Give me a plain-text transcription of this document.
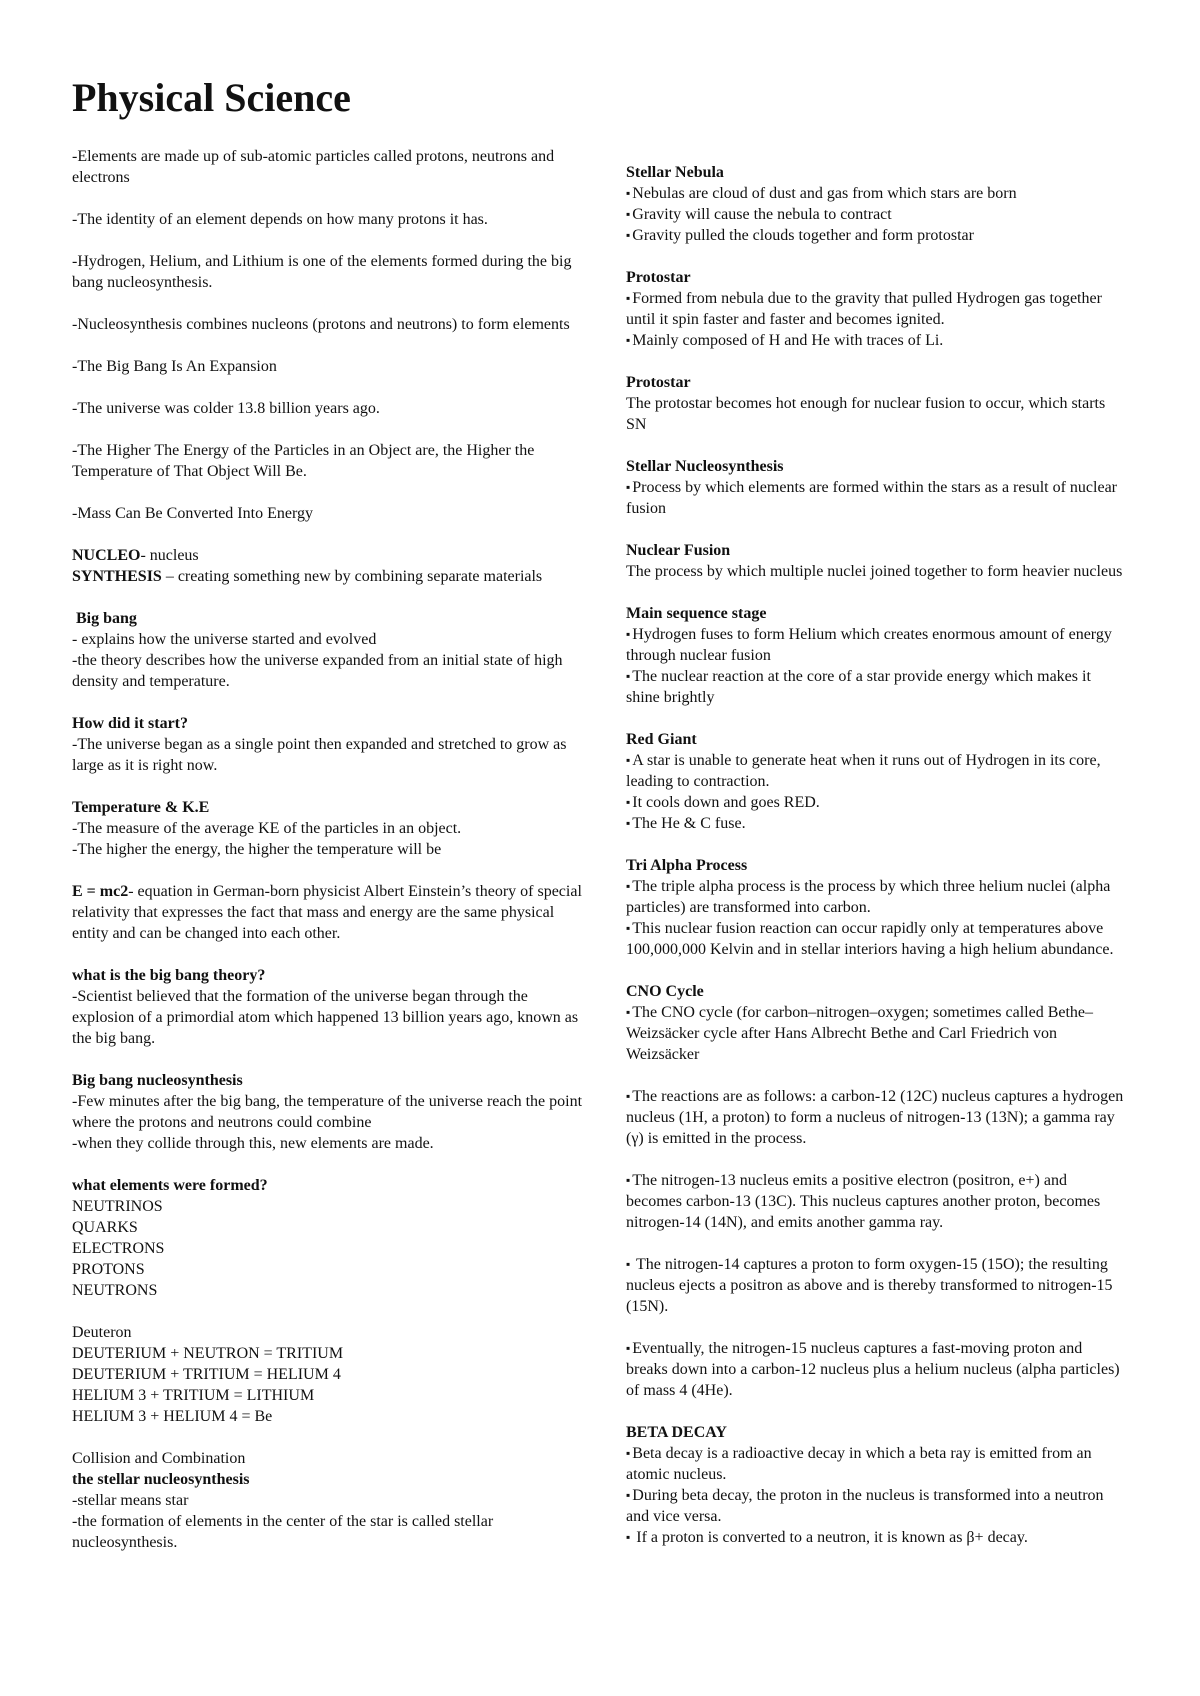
Physical Science

-Elements are made up of sub-atomic particles called protons, neutrons and electrons

-The identity of an element depends on how many protons it has.

-Hydrogen, Helium, and Lithium is one of the elements formed during the big bang nucleosynthesis.

-Nucleosynthesis combines nucleons (protons and neutrons) to form elements

-The Big Bang Is An Expansion

-The universe was colder 13.8 billion years ago.

-The Higher The Energy of the Particles in an Object are, the Higher the Temperature of That Object Will Be.

-Mass Can Be Converted Into Energy

NUCLEO- nucleus

SYNTHESIS – creating something new by combining separate materials

Big bang

- explains how the universe started and evolved

-the theory describes how the universe expanded from an initial state of high density and temperature.

How did it start?

-The universe began as a single point then expanded and stretched to grow as large as it is right now.

Temperature & K.E

-The measure of the average KE of the particles in an object.

-The higher the energy, the higher the temperature will be

E = mc2- equation in German-born physicist Albert Einstein’s theory of special relativity that expresses the fact that mass and energy are the same physical entity and can be changed into each other.

what is the big bang theory?

-Scientist believed that the formation of the universe began through the explosion of a primordial atom which happened 13 billion years ago, known as the big bang.

Big bang nucleosynthesis

-Few minutes after the big bang, the temperature of the universe reach the point where the protons and neutrons could combine

-when they collide through this, new elements are made.

what elements were formed?

NEUTRINOS

QUARKS

ELECTRONS

PROTONS

NEUTRONS

Deuteron

DEUTERIUM + NEUTRON = TRITIUM

DEUTERIUM + TRITIUM = HELIUM 4

HELIUM 3 + TRITIUM = LITHIUM

HELIUM 3 + HELIUM 4 = Be

Collision and Combination

the stellar nucleosynthesis

-stellar means star

-the formation of elements in the center of the star is called stellar nucleosynthesis.

Stellar Nebula

▪ Nebulas are cloud of dust and gas from which stars are born
▪ Gravity will cause the nebula to contract
▪ Gravity pulled the clouds together and form protostar

Protostar

▪ Formed from nebula due to the gravity that pulled Hydrogen gas together until it spin faster and faster and becomes ignited.
▪ Mainly composed of H and He with traces of Li.

Protostar

The protostar becomes hot enough for nuclear fusion to occur, which starts SN

Stellar Nucleosynthesis

▪ Process by which elements are formed within the stars as a result of nuclear fusion

Nuclear Fusion

The process by which multiple nuclei joined together to form heavier nucleus

Main sequence stage

▪ Hydrogen fuses to form Helium which creates enormous amount of energy through nuclear fusion
▪ The nuclear reaction at the core of a star provide energy which makes it shine brightly

Red Giant

▪ A star is unable to generate heat when it runs out of Hydrogen in its core, leading to contraction.
▪ It cools down and goes RED.
▪ The He & C fuse.

Tri Alpha Process

▪ The triple alpha process is the process by which three helium nuclei (alpha particles) are transformed into carbon.
▪ This nuclear fusion reaction can occur rapidly only at temperatures above 100,000,000 Kelvin and in stellar interiors having a high helium abundance.

CNO Cycle

▪ The CNO cycle (for carbon–nitrogen–oxygen; sometimes called Bethe–Weizsäcker cycle after Hans Albrecht Bethe and Carl Friedrich von Weizsäcker
▪ The reactions are as follows: a carbon-12 (12C) nucleus captures a hydrogen nucleus (1H, a proton) to form a nucleus of nitrogen-13 (13N); a gamma ray (γ) is emitted in the process.
▪ The nitrogen-13 nucleus emits a positive electron (positron, e+) and becomes carbon-13 (13C). This nucleus captures another proton, becomes nitrogen-14 (14N), and emits another gamma ray.
▪ The nitrogen-14 captures a proton to form oxygen-15 (15O); the resulting nucleus ejects a positron as above and is thereby transformed to nitrogen-15 (15N).
▪ Eventually, the nitrogen-15 nucleus captures a fast-moving proton and breaks down into a carbon-12 nucleus plus a helium nucleus (alpha particles) of mass 4 (4He).

BETA DECAY

▪ Beta decay is a radioactive decay in which a beta ray is emitted from an atomic nucleus.
▪ During beta decay, the proton in the nucleus is transformed into a neutron and vice versa.
▪ If a proton is converted to a neutron, it is known as β+ decay.
